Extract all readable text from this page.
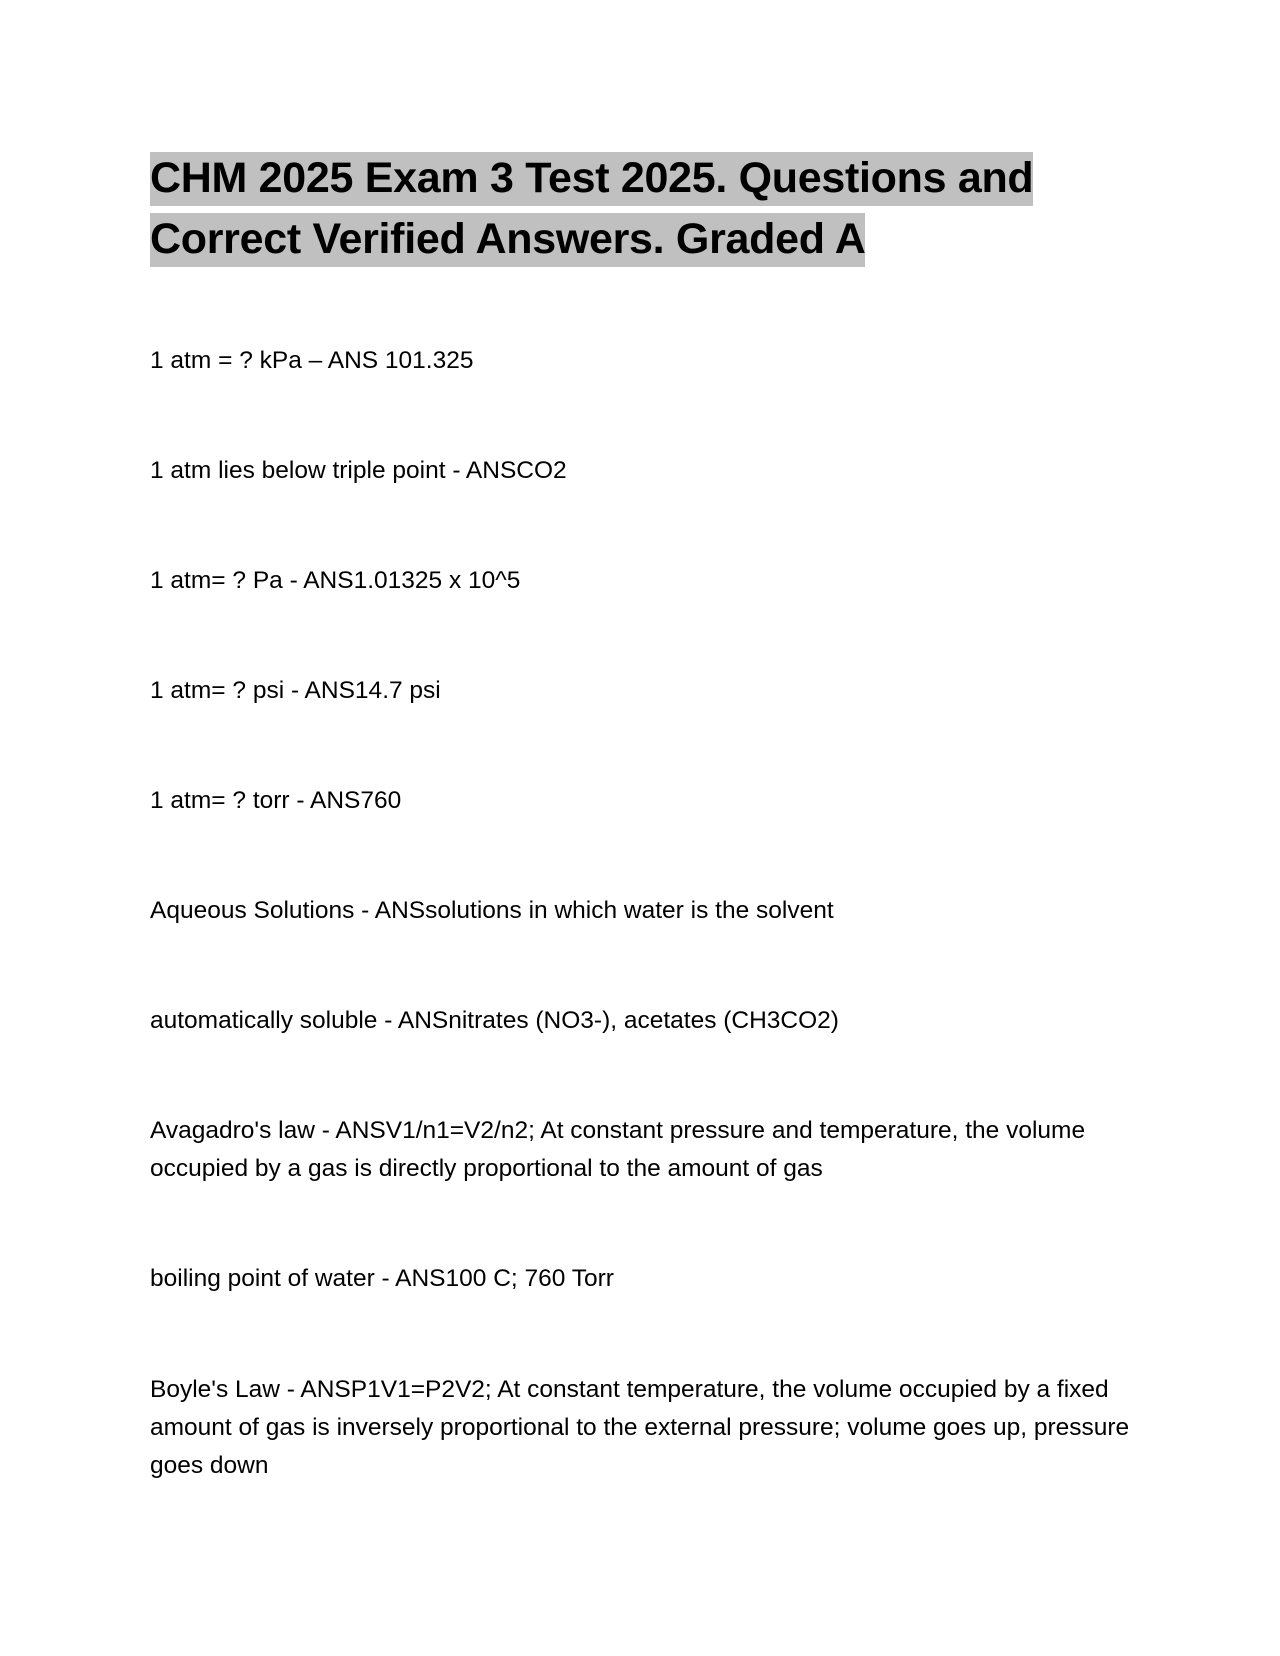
CHM 2025 Exam 3 Test 2025. Questions and Correct Verified Answers. Graded A

1 atm = ? kPa – ANS 101.325

1 atm lies below triple point - ANSCO2

1 atm= ? Pa - ANS1.01325 x 10^5

1 atm= ? psi - ANS14.7 psi

1 atm= ? torr - ANS760

Aqueous Solutions - ANSsolutions in which water is the solvent

automatically soluble - ANSnitrates (NO3-), acetates (CH3CO2)

Avagadro's law - ANSV1/n1=V2/n2; At constant pressure and temperature, the volume occupied by a gas is directly proportional to the amount of gas

boiling point of water - ANS100 C; 760 Torr

Boyle's Law - ANSP1V1=P2V2; At constant temperature, the volume occupied by a fixed amount of gas is inversely proportional to the external pressure; volume goes up, pressure goes down
